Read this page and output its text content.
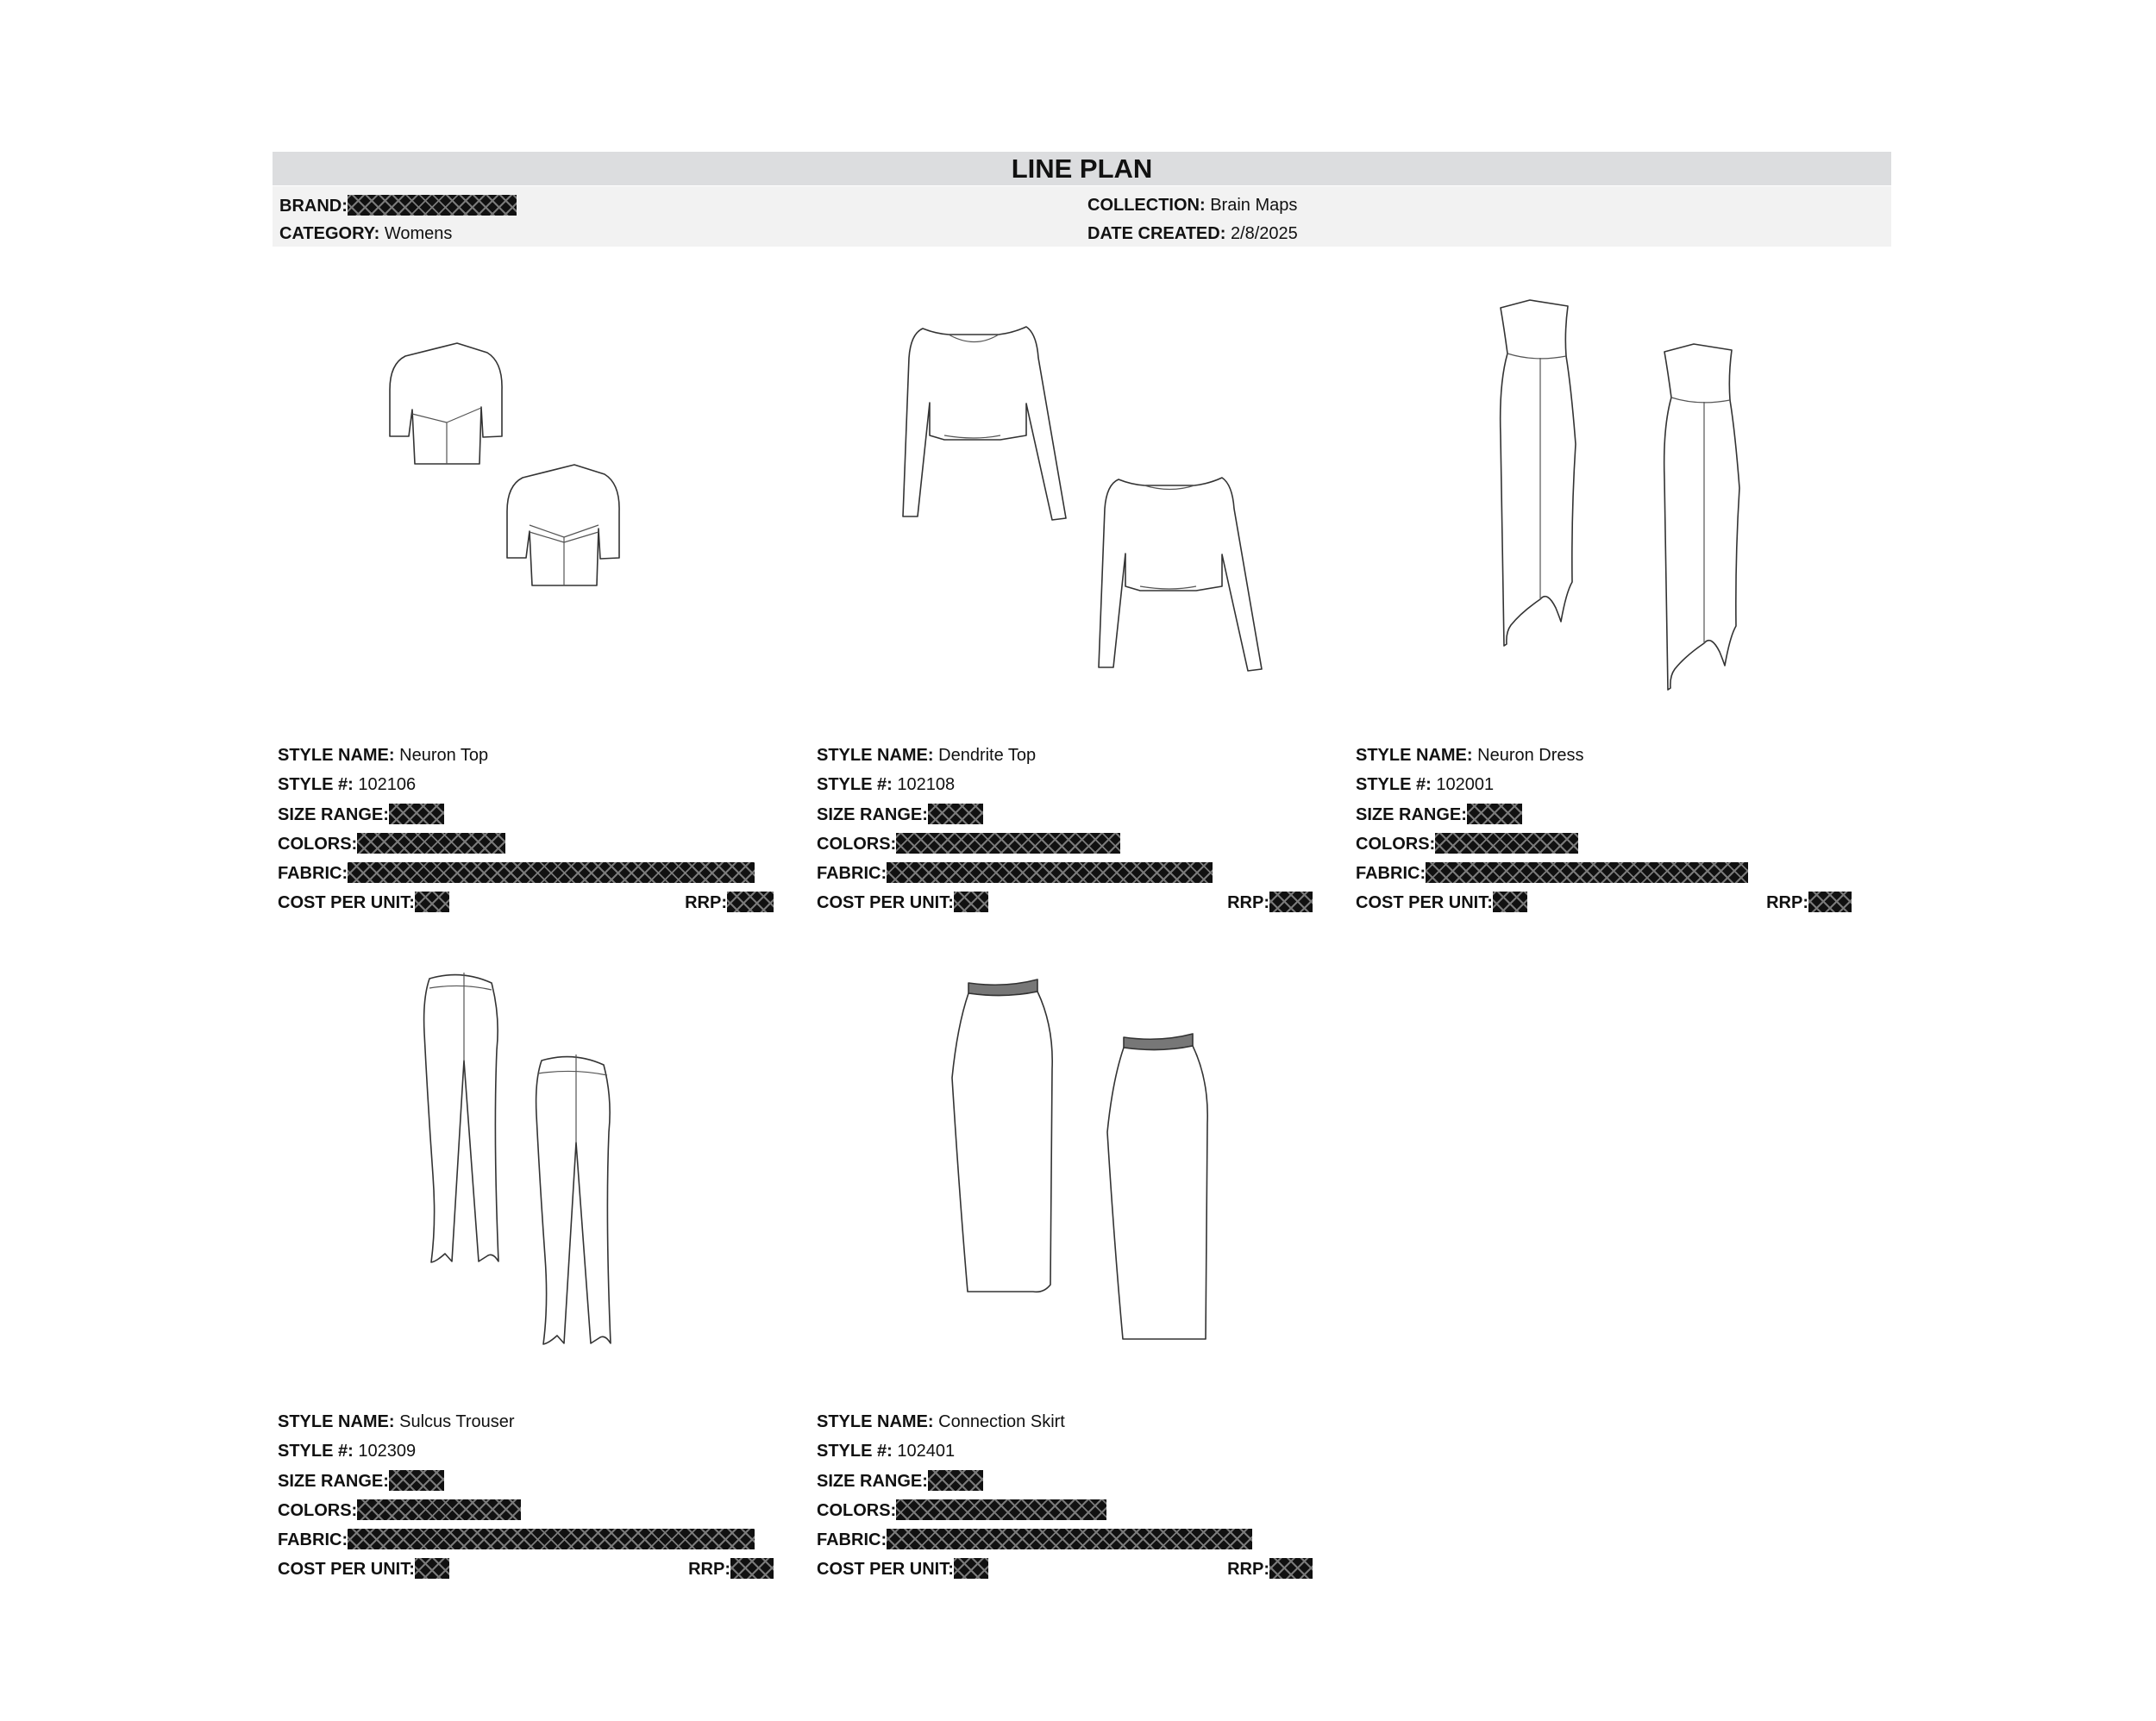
LINE PLAN
BRAND:
CATEGORY: Womens
COLLECTION: Brain Maps
DATE CREATED: 2/8/2025
STYLE NAME: Neuron Top
STYLE #: 102106
SIZE RANGE:
COLORS:
FABRIC:
COST PER UNIT:	RRP:
STYLE NAME: Dendrite Top
STYLE #: 102108
SIZE RANGE:
COLORS:
FABRIC:
COST PER UNIT:	RRP:
STYLE NAME: Neuron Dress
STYLE #: 102001
SIZE RANGE:
COLORS:
FABRIC:
COST PER UNIT:	RRP:
STYLE NAME: Sulcus Trouser
STYLE #: 102309
SIZE RANGE:
COLORS:
FABRIC:
COST PER UNIT:	RRP:
STYLE NAME: Connection Skirt
STYLE #: 102401
SIZE RANGE:
COLORS:
FABRIC:
COST PER UNIT:	RRP:
